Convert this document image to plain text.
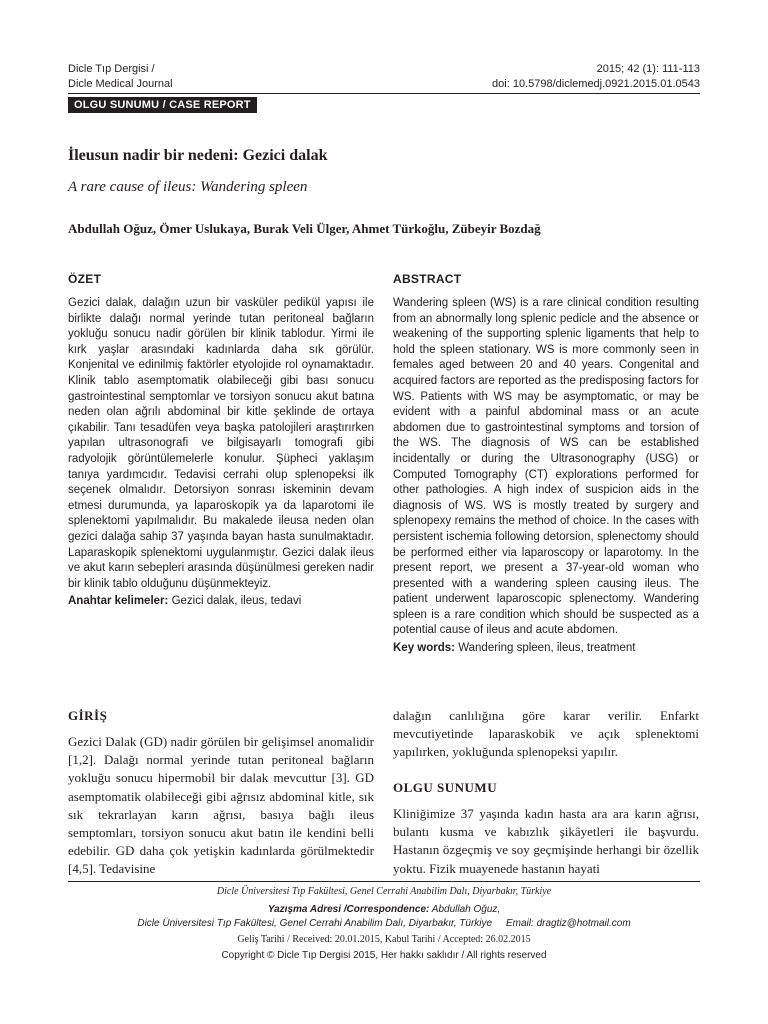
Dicle Tıp Dergisi /
Dicle Medical Journal
2015; 42 (1): 111-113
doi: 10.5798/diclemedj.0921.2015.01.0543
OLGU SUNUMU / CASE REPORT
İleusun nadir bir nedeni: Gezici dalak
A rare cause of ileus: Wandering spleen
Abdullah Oğuz, Ömer Uslukaya, Burak Veli Ülger, Ahmet Türkoğlu, Zübeyir Bozdağ
ÖZET	ABSTRACT
Gezici dalak, dalağın uzun bir vasküler pedikül yapısı ile birlikte dalağı normal yerinde tutan peritoneal bağların yokluğu sonucu nadir görülen bir klinik tablodur. Yirmi ile kırk yaşlar arasındaki kadınlarda daha sık görülür. Konjenital ve edinilmiş faktörler etyolojide rol oynamaktadır. Klinik tablo asemptomatik olabileceği gibi bası sonucu gastrointestinal semptomlar ve torsiyon sonucu akut batına neden olan ağrılı abdominal bir kitle şeklinde de ortaya çıkabilir. Tanı tesadüfen veya başka patolojileri araştırırken yapılan ultrasonografi ve bilgisayarlı tomografi gibi radyolojik görüntülemelerle konulur. Şüpheci yaklaşım tanıya yardımcıdır. Tedavisi cerrahi olup splenopeksi ilk seçenek olmalıdır. Detorsiyon sonrası iskeminin devam etmesi durumunda, ya laparoskopik ya da laparotomi ile splenektomi yapılmalıdır. Bu makalede ileusa neden olan gezici dalağa sahip 37 yaşında bayan hasta sunulmaktadır. Laparaskopik splenektomi uygulanmıştır. Gezici dalak ileus ve akut karın sebepleri arasında düşünülmesi gereken nadir bir klinik tablo olduğunu düşünmekteyiz.
Anahtar kelimeler: Gezici dalak, ileus, tedavi
Wandering spleen (WS) is a rare clinical condition resulting from an abnormally long splenic pedicle and the absence or weakening of the supporting splenic ligaments that help to hold the spleen stationary. WS is more commonly seen in females aged between 20 and 40 years. Congenital and acquired factors are reported as the predisposing factors for WS. Patients with WS may be asymptomatic, or may be evident with a painful abdominal mass or an acute abdomen due to gastrointestinal symptoms and torsion of the WS. The diagnosis of WS can be established incidentally or during the Ultrasonography (USG) or Computed Tomography (CT) explorations performed for other pathologies. A high index of suspicion aids in the diagnosis of WS. WS is mostly treated by surgery and splenopexy remains the method of choice. In the cases with persistent ischemia following detorsion, splenectomy should be performed either via laparoscopy or laparotomy. In the present report, we present a 37-year-old woman who presented with a wandering spleen causing ileus. The patient underwent laparoscopic splenectomy. Wandering spleen is a rare condition which should be suspected as a potential cause of ileus and acute abdomen.
Key words: Wandering spleen, ileus, treatment
GİRİŞ
Gezici Dalak (GD) nadir görülen bir gelişimsel anomalidir [1,2]. Dalağı normal yerinde tutan peritoneal bağların yokluğu sonucu hipermobil bir dalak mevcuttur [3]. GD asemptomatik olabileceği gibi ağrısız abdominal kitle, sık sık tekrarlayan karın ağrısı, basıya bağlı ileus semptomları, torsiyon sonucu akut batın ile kendini belli edebilir. GD daha çok yetişkin kadınlarda görülmektedir [4,5]. Tedavisine
dalağın canlılığına göre karar verilir. Enfarkt mevcutiyetinde laparaskobik ve açık splenektomi yapılırken, yokluğunda splenopeksi yapılır.
OLGU SUNUMU
Kliniğimize 37 yaşında kadın hasta ara ara karın ağrısı, bulantı kusma ve kabızlık şikâyetleri ile başvurdu. Hastanın özgeçmiş ve soy geçmişinde herhangi bir özellik yoktu. Fizik muayenede hastanın hayati
Dicle Üniversitesi Tıp Fakültesi, Genel Cerrahi Anabilim Dalı, Diyarbakır, Türkiye
Yazışma Adresi /Correspondence: Abdullah Oğuz,
Dicle Üniversitesi Tıp Fakültesi, Genel Cerrahi Anabilim Dalı, Diyarbakır, Türkiye Email: dragtiz@hotmail.com
Geliş Tarihi / Received: 20.01.2015, Kabul Tarihi / Accepted: 26.02.2015
Copyright © Dicle Tıp Dergisi 2015, Her hakkı saklıdır / All rights reserved
